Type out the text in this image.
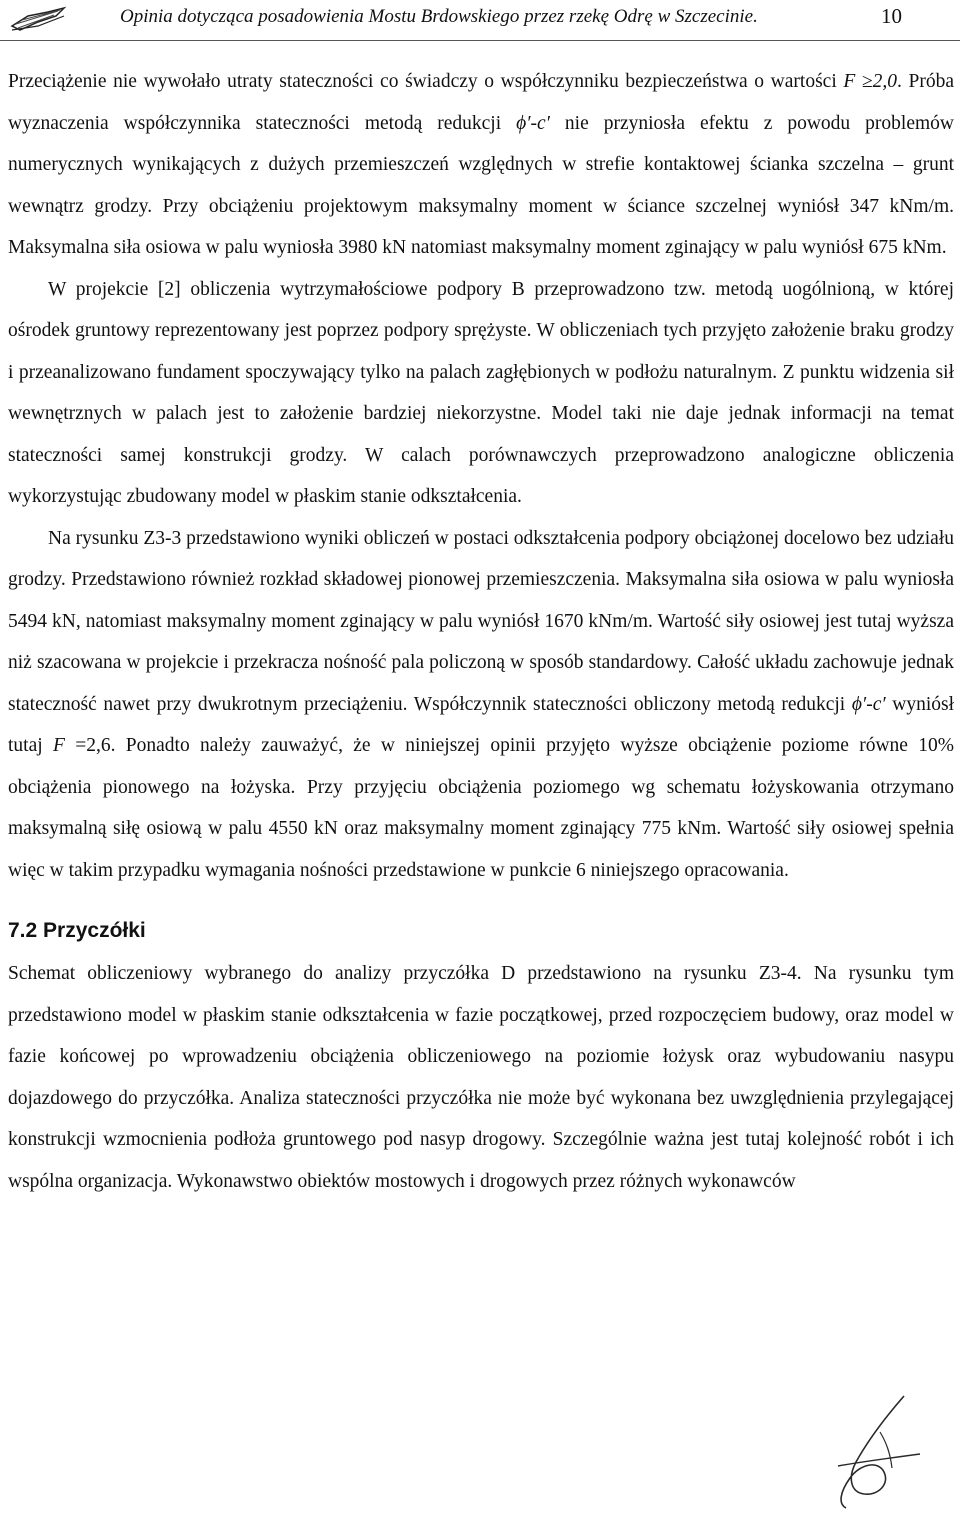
Opinia dotycząca posadowienia Mostu Brdowskiego przez rzekę Odrę w Szczecinie.	10

Przeciążenie nie wywołało utraty stateczności co świadczy o współczynniku bezpieczeństwa o wartości F ≥2,0. Próba wyznaczenia współczynnika stateczności metodą redukcji ϕ′-c′ nie przyniosła efektu z powodu problemów numerycznych wynikających z dużych przemieszczeń względnych w strefie kontaktowej ścianka szczelna – grunt wewnątrz grodzy. Przy obciążeniu projektowym maksymalny moment w ściance szczelnej wyniósł 347 kNm/m. Maksymalna siła osiowa w palu wyniosła 3980 kN natomiast maksymalny moment zginający w palu wyniósł 675 kNm.

W projekcie [2] obliczenia wytrzymałościowe podpory B przeprowadzono tzw. metodą uogólnioną, w której ośrodek gruntowy reprezentowany jest poprzez podpory sprężyste. W obliczeniach tych przyjęto założenie braku grodzy i przeanalizowano fundament spoczywający tylko na palach zagłębionych w podłożu naturalnym. Z punktu widzenia sił wewnętrznych w palach jest to założenie bardziej niekorzystne. Model taki nie daje jednak informacji na temat stateczności samej konstrukcji grodzy. W calach porównawczych przeprowadzono analogiczne obliczenia wykorzystując zbudowany model w płaskim stanie odkształcenia.

Na rysunku Z3-3 przedstawiono wyniki obliczeń w postaci odkształcenia podpory obciążonej docelowo bez udziału grodzy. Przedstawiono również rozkład składowej pionowej przemieszczenia. Maksymalna siła osiowa w palu wyniosła 5494 kN, natomiast maksymalny moment zginający w palu wyniósł 1670 kNm/m. Wartość siły osiowej jest tutaj wyższa niż szacowana w projekcie i przekracza nośność pala policzoną w sposób standardowy. Całość układu zachowuje jednak stateczność nawet przy dwukrotnym przeciążeniu. Współczynnik stateczności obliczony metodą redukcji ϕ′-c′ wyniósł tutaj F =2,6. Ponadto należy zauważyć, że w niniejszej opinii przyjęto wyższe obciążenie poziome równe 10% obciążenia pionowego na łożyska. Przy przyjęciu obciążenia poziomego wg schematu łożyskowania otrzymano maksymalną siłę osiową w palu 4550 kN oraz maksymalny moment zginający 775 kNm. Wartość siły osiowej spełnia więc w takim przypadku wymagania nośności przedstawione w punkcie 6 niniejszego opracowania.

7.2 Przyczółki

Schemat obliczeniowy wybranego do analizy przyczółka D przedstawiono na rysunku Z3-4. Na rysunku tym przedstawiono model w płaskim stanie odkształcenia w fazie początkowej, przed rozpoczęciem budowy, oraz model w fazie końcowej po wprowadzeniu obciążenia obliczeniowego na poziomie łożysk oraz wybudowaniu nasypu dojazdowego do przyczółka. Analiza stateczności przyczółka nie może być wykonana bez uwzględnienia przylegającej konstrukcji wzmocnienia podłoża gruntowego pod nasyp drogowy. Szczególnie ważna jest tutaj kolejność robót i ich wspólna organizacja. Wykonawstwo obiektów mostowych i drogowych przez różnych wykonawców
